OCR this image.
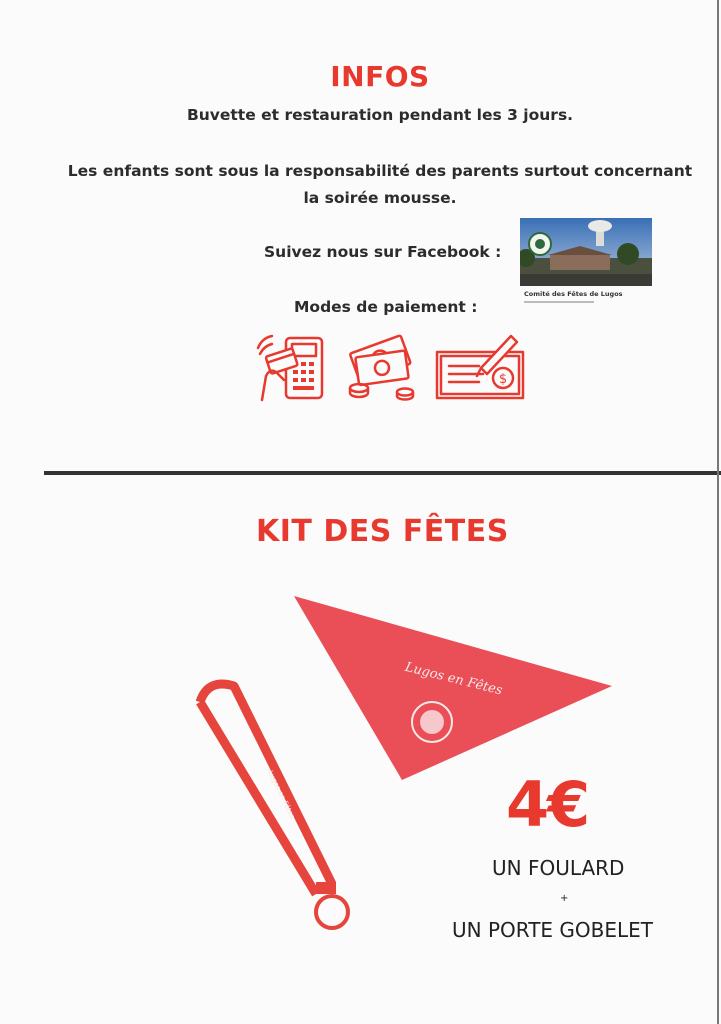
INFOS
Buvette et restauration pendant les 3 jours.
Les enfants sont sous la responsabilité des parents surtout concernant
la soirée mousse.
Suivez nous sur Facebook :
Modes de paiement :
Comité des Fêtes de Lugos
$
KIT DES FÊTES
Lugos en Fêtes
Lugos en Fêtes	4€
UN FOULARD
+
UN PORTE GOBELET
